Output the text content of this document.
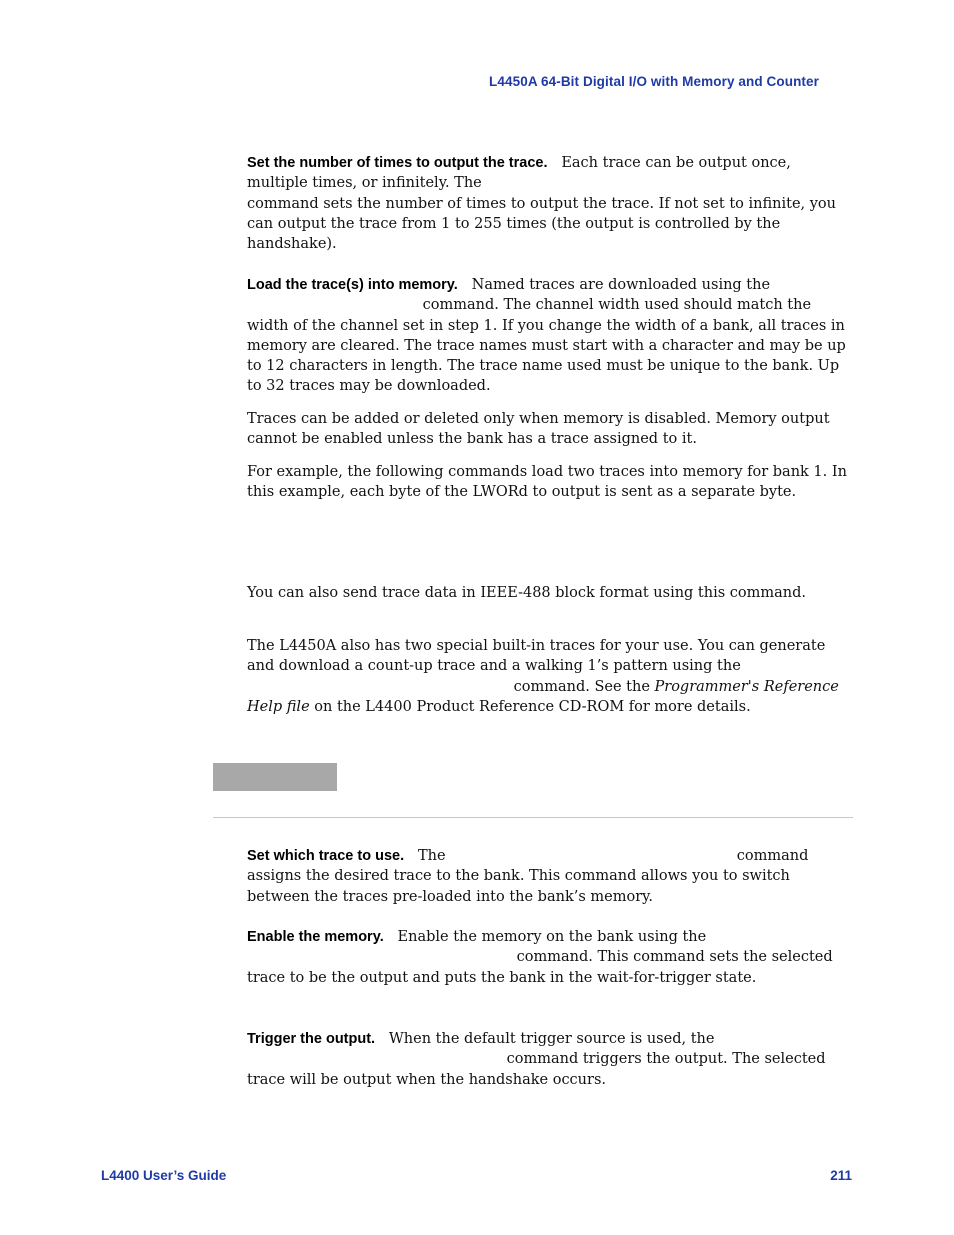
L4450A 64-Bit Digital I/O with Memory and Counter

Set the number of times to output the trace. Each trace can be output once, multiple times, or infinitely. The
command sets the number of times to output the trace. If not set to infinite, you can output the trace from 1 to 255 times (the output is controlled by the handshake).

Load the trace(s) into memory. Named traces are downloaded using the
command. The channel width used should match the width of the channel set in step 1. If you change the width of a bank, all traces in memory are cleared. The trace names must start with a character and may be up to 12 characters in length. The trace name used must be unique to the bank. Up to 32 traces may be downloaded.

Traces can be added or deleted only when memory is disabled. Memory output cannot be enabled unless the bank has a trace assigned to it.

For example, the following commands load two traces into memory for bank 1. In this example, each byte of the LWORd to output is sent as a separate byte.

You can also send trace data in IEEE-488 block format using this command.

The L4450A also has two special built-in traces for your use. You can generate and download a count-up trace and a walking 1’s pattern using the  command. See the Programmer's Reference Help file on the L4400 Product Reference CD-ROM for more details.

Set which trace to use. The	command assigns the desired trace to the bank. This command allows you to switch between the traces pre-loaded into the bank’s memory.

Enable the memory. Enable the memory on the bank using the
command. This command sets the selected trace to be the output and puts the bank in the wait-for-trigger state.

Trigger the output. When the default trigger source is used, the
command triggers the output. The selected trace will be output when the handshake occurs.

L4400 User’s Guide	211
